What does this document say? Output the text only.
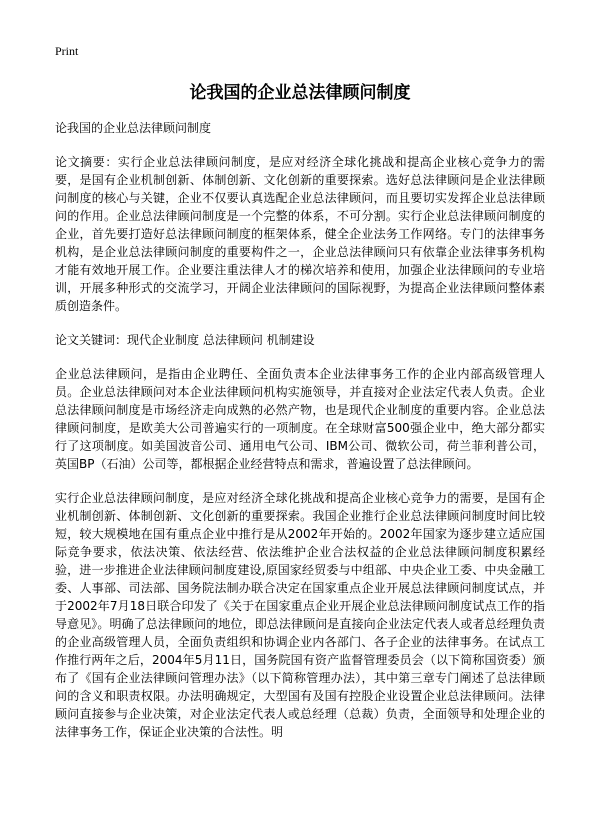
Print
论我国的企业总法律顾问制度

论我国的企业总法律顾问制度

论文摘要：实行企业总法律顾问制度，是应对经济全球化挑战和提高企业核心竞争力的需要，是国有企业机制创新、体制创新、文化创新的重要探索。选好总法律顾问是企业法律顾问制度的核心与关键，企业不仅要认真选配企业总法律顾问，而且要切实发挥企业总法律顾问的作用。企业总法律顾问制度是一个完整的体系，不可分割。实行企业总法律顾问制度的企业，首先要打造好总法律顾问制度的框架体系，健全企业法务工作网络。专门的法律事务机构，是企业总法律顾问制度的重要构件之一，企业总法律顾问只有依靠企业法律事务机构才能有效地开展工作。企业要注重法律人才的梯次培养和使用，加强企业法律顾问的专业培训，开展多种形式的交流学习，开阔企业法律顾问的国际视野，为提高企业法律顾问整体素质创造条件。

论文关键词：现代企业制度 总法律顾问 机制建设

企业总法律顾问，是指由企业聘任、全面负责本企业法律事务工作的企业内部高级管理人员。企业总法律顾问对本企业法律顾问机构实施领导，并直接对企业法定代表人负责。企业总法律顾问制度是市场经济走向成熟的必然产物，也是现代企业制度的重要内容。企业总法律顾问制度，是欧美大公司普遍实行的一项制度。在全球财富500强企业中，绝大部分都实行了这项制度。如美国波音公司、通用电气公司、IBM公司、微软公司，荷兰菲利普公司，英国BP（石油）公司等，都根据企业经营特点和需求，普遍设置了总法律顾问。

实行企业总法律顾问制度，是应对经济全球化挑战和提高企业核心竞争力的需要，是国有企业机制创新、体制创新、文化创新的重要探索。我国企业推行企业总法律顾问制度时间比较短，较大规模地在国有重点企业中推行是从2002年开始的。2002年国家为逐步建立适应国际竞争要求，依法决策、依法经营、依法维护企业合法权益的企业总法律顾问制度积累经验，进一步推进企业法律顾问制度建设,原国家经贸委与中组部、中央企业工委、中央金融工委、人事部、司法部、国务院法制办联合决定在国家重点企业开展总法律顾问制度试点，并于2002年7月18日联合印发了《关于在国家重点企业开展企业总法律顾问制度试点工作的指导意见》。明确了总法律顾问的地位，即总法律顾问是直接向企业法定代表人或者总经理负责的企业高级管理人员，全面负责组织和协调企业内各部门、各子企业的法律事务。在试点工作推行两年之后，2004年5月11日，国务院国有资产监督管理委员会（以下简称国资委）颁布了《国有企业法律顾问管理办法》（以下简称管理办法），其中第三章专门阐述了总法律顾问的含义和职责权限。办法明确规定，大型国有及国有控股企业设置企业总法律顾问。法律顾问直接参与企业决策，对企业法定代表人或总经理（总裁）负责，全面领导和处理企业的法律事务工作，保证企业决策的合法性。明
